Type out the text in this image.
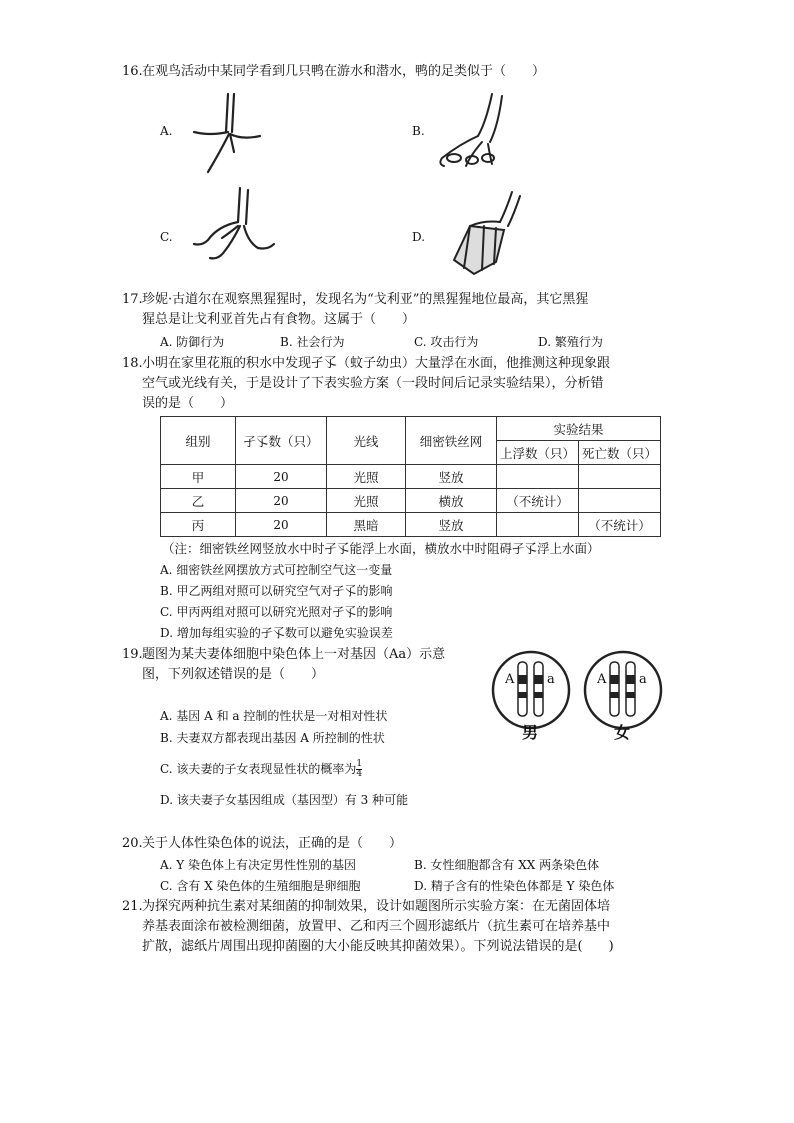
16. 在观鸟活动中某同学看到几只鸭在游水和潜水，鸭的足类似于（　　）
A.	B.
C.	D.
17. 珍妮·古道尔在观察黑猩猩时，发现名为“戈利亚”的黑猩猩地位最高，其它黑猩
猩总是让戈利亚首先占有食物。这属于（　　）
A. 防御行为	B. 社会行为	C. 攻击行为	D. 繁殖行为
18. 小明在家里花瓶的积水中发现孑孓（蚊子幼虫）大量浮在水面，他推测这种现象跟
空气或光线有关，于是设计了下表实验方案（一段时间后记录实验结果），分析错
误的是（　　）
组别	孑孓数（只）	光线	细密铁丝网	实验结果	
				上浮数（只）	死亡数（只）
甲	20	光照	竖放		
乙	20	光照	横放	（不统计）	
丙	20	黑暗	竖放		（不统计）
（注：细密铁丝网竖放水中时孑孓能浮上水面，横放水中时阻碍孑孓浮上水面）
A. 细密铁丝网摆放方式可控制空气这一变量
B. 甲乙两组对照可以研究空气对孑孓的影响
C. 甲丙两组对照可以研究光照对孑孓的影响
D. 增加每组实验的孑孓数可以避免实验误差
19. 题图为某夫妻体细胞中染色体上一对基因（Aa）示意
图，下列叙述错误的是（　　）
A. 基因 A 和 a 控制的性状是一对相对性状
B. 夫妻双方都表现出基因 A 所控制的性状
C. 该夫妻的子女表现显性状的概率为 $\frac{1}{4}$
D. 该夫妻子女基因组成（基因型）有 3 种可能
A	a	A	a
男	女
20. 关于人体性染色体的说法，正确的是（　　）
A. Y 染色体上有决定男性性别的基因	B. 女性细胞都含有 XX 两条染色体
C. 含有 X 染色体的生殖细胞是卵细胞	D. 精子含有的性染色体都是 Y 染色体
21. 为探究两种抗生素对某细菌的抑制效果，设计如题图所示实验方案：在无菌固体培
养基表面涂布被检测细菌，放置甲、乙和丙三个圆形滤纸片（抗生素可在培养基中
扩散，滤纸片周围出现抑菌圈的大小能反映其抑菌效果）。下列说法错误的是(　　)
